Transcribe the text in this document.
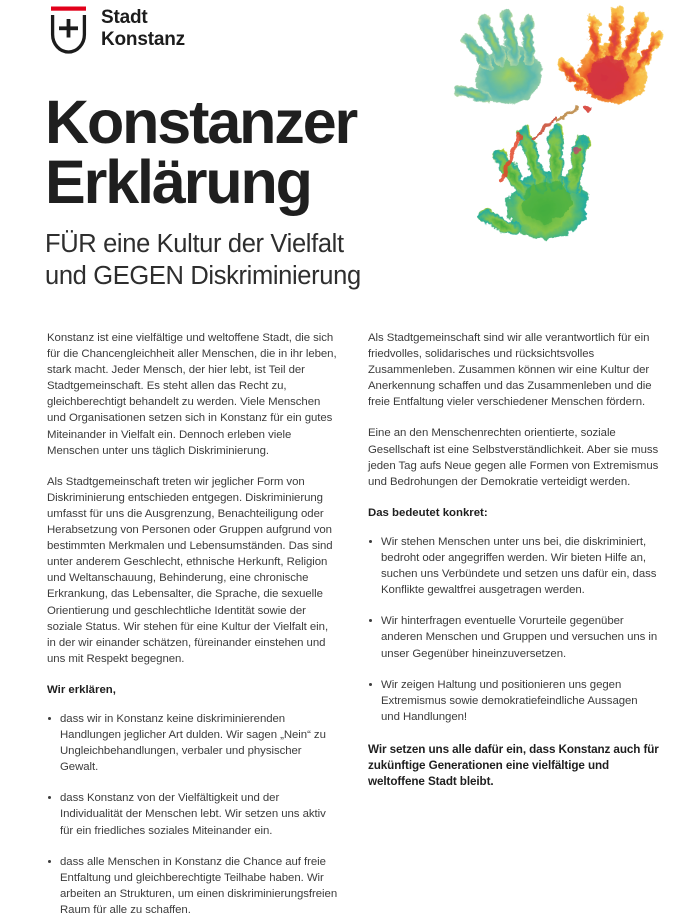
Stadt
Konstanz
Konstanzer
Erklärung
FÜR eine Kultur der Vielfalt
und GEGEN Diskriminierung

Konstanz ist eine vielfältige und weltoffene Stadt, die sich für die Chancengleichheit aller Menschen, die in ihr leben, stark macht. Jeder Mensch, der hier lebt, ist Teil der Stadtgemeinschaft. Es steht allen das Recht zu, gleichberechtigt behandelt zu werden. Viele Menschen und Organisationen setzen sich in Konstanz für ein gutes Miteinander in Vielfalt ein. Dennoch erleben viele Menschen unter uns täglich Diskriminierung.

Als Stadtgemeinschaft treten wir jeglicher Form von Diskriminierung entschieden entgegen. Diskriminierung umfasst für uns die Ausgrenzung, Benachteiligung oder Herabsetzung von Personen oder Gruppen aufgrund von bestimmten Merkmalen und Lebensumständen. Das sind unter anderem Geschlecht, ethnische Herkunft, Religion und Weltanschauung, Behinderung, eine chronische Erkrankung, das Lebensalter, die Sprache, die sexuelle Orientierung und geschlechtliche Identität sowie der soziale Status. Wir stehen für eine Kultur der Vielfalt ein, in der wir einander schätzen, füreinander einstehen und uns mit Respekt begegnen.

Wir erklären,

dass wir in Konstanz keine diskriminierenden Handlungen jeglicher Art dulden. Wir sagen „Nein“ zu Ungleichbehandlungen, verbaler und physischer Gewalt.
dass Konstanz von der Vielfältigkeit und der Individualität der Menschen lebt. Wir setzen uns aktiv für ein friedliches soziales Miteinander ein.
dass alle Menschen in Konstanz die Chance auf freie Entfaltung und gleichberechtigte Teilhabe haben. Wir arbeiten an Strukturen, um einen diskriminierungsfreien Raum für alle zu schaffen.

Als Stadtgemeinschaft sind wir alle verantwortlich für ein friedvolles, solidarisches und rücksichtsvolles Zusammenleben. Zusammen können wir eine Kultur der Anerkennung schaffen und das Zusammenleben und die freie Entfaltung vieler verschiedener Menschen fördern.

Eine an den Menschenrechten orientierte, soziale Gesellschaft ist eine Selbstverständlichkeit. Aber sie muss jeden Tag aufs Neue gegen alle Formen von Extremismus und Bedrohungen der Demokratie verteidigt werden.

Das bedeutet konkret:

Wir stehen Menschen unter uns bei, die diskriminiert, bedroht oder angegriffen werden. Wir bieten Hilfe an, suchen uns Verbündete und setzen uns dafür ein, dass Konflikte gewaltfrei ausgetragen werden.
Wir hinterfragen eventuelle Vorurteile gegenüber anderen Menschen und Gruppen und versuchen uns in unser Gegenüber hineinzuversetzen.
Wir zeigen Haltung und positionieren uns gegen Extremismus sowie demokratiefeindliche Aussagen und Handlungen!

Wir setzen uns alle dafür ein, dass Konstanz auch für zukünftige Generationen eine vielfältige und weltoffene Stadt bleibt.
